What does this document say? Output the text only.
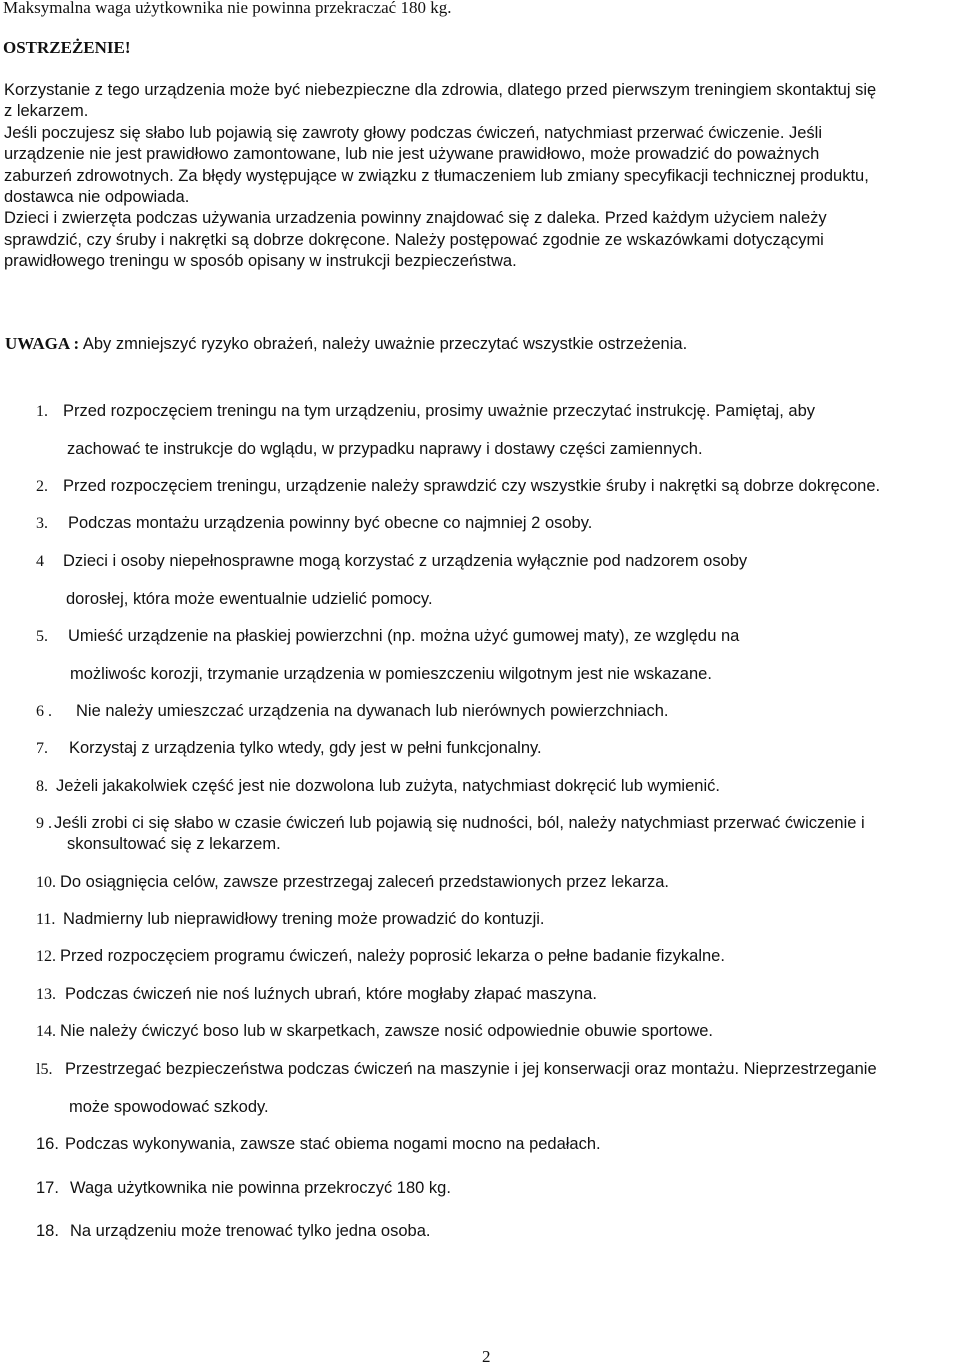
Maksymalna waga użytkownika nie powinna przekraczać 180 kg.
OSTRZEŻENIE!
Korzystanie z tego urządzenia może być niebezpieczne dla zdrowia, dlatego przed pierwszym treningiem skontaktuj się
z lekarzem.
Jeśli poczujesz się słabo lub pojawią się zawroty głowy podczas ćwiczeń, natychmiast przerwać ćwiczenie. Jeśli
urządzenie nie jest prawidłowo zamontowane, lub nie jest używane prawidłowo, może prowadzić do poważnych
zaburzeń zdrowotnych. Za błędy występujące w związku z tłumaczeniem lub zmiany specyfikacji technicznej produktu,
dostawca nie odpowiada.
Dzieci i zwierzęta podczas używania urzadzenia powinny znajdować się z daleka. Przed każdym użyciem należy
sprawdzić, czy śruby i nakrętki są dobrze dokręcone. Należy postępować zgodnie ze wskazówkami dotyczącymi
prawidłowego treningu w sposób opisany w instrukcji bezpieczeństwa.
UWAGA : Aby zmniejszyć ryzyko obrażeń, należy uważnie przeczytać wszystkie ostrzeżenia.
1. Przed rozpoczęciem treningu na tym urządzeniu, prosimy uważnie przeczytać instrukcję. Pamiętaj, aby
zachować te instrukcje do wglądu, w przypadku naprawy i dostawy części zamiennych.
2. Przed rozpoczęciem treningu, urządzenie należy sprawdzić czy wszystkie śruby i nakrętki są dobrze dokręcone.
3. Podczas montażu urządzenia powinny być obecne co najmniej 2 osoby.
4 Dzieci i osoby niepełnosprawne mogą korzystać z urządzenia wyłącznie pod nadzorem osoby
dorosłej, która może ewentualnie udzielić pomocy.
5. Umieść urządzenie na płaskiej powierzchni (np. można użyć gumowej maty), ze względu na
możliwośc korozji, trzymanie urządzenia w pomieszczeniu wilgotnym jest nie wskazane.
6 . Nie należy umieszczać urządzenia na dywanach lub nierównych powierzchniach.
7. Korzystaj z urządzenia tylko wtedy, gdy jest w pełni funkcjonalny.
8. Jeżeli jakakolwiek część jest nie dozwolona lub zużyta, natychmiast dokręcić lub wymienić.
9 . Jeśli zrobi ci się słabo w czasie ćwiczeń lub pojawią się nudności, ból, należy natychmiast przerwać ćwiczenie i
skonsultować się z lekarzem.
10. Do osiągnięcia celów, zawsze przestrzegaj zaleceń przedstawionych przez lekarza.
11. Nadmierny lub nieprawidłowy trening może prowadzić do kontuzji.
12. Przed rozpoczęciem programu ćwiczeń, należy poprosić lekarza o pełne badanie fizykalne.
13. Podczas ćwiczeń nie noś luźnych ubrań, które mogłaby złapać maszyna.
14. Nie należy ćwiczyć boso lub w skarpetkach, zawsze nosić odpowiednie obuwie sportowe.
l5. Przestrzegać bezpieczeństwa podczas ćwiczeń na maszynie i jej konserwacji oraz montażu. Nieprzestrzeganie
może spowodować szkody.
16. Podczas wykonywania, zawsze stać obiema nogami mocno na pedałach.
17. Waga użytkownika nie powinna przekroczyć 180 kg.
18. Na urządzeniu może trenować tylko jedna osoba.
2
